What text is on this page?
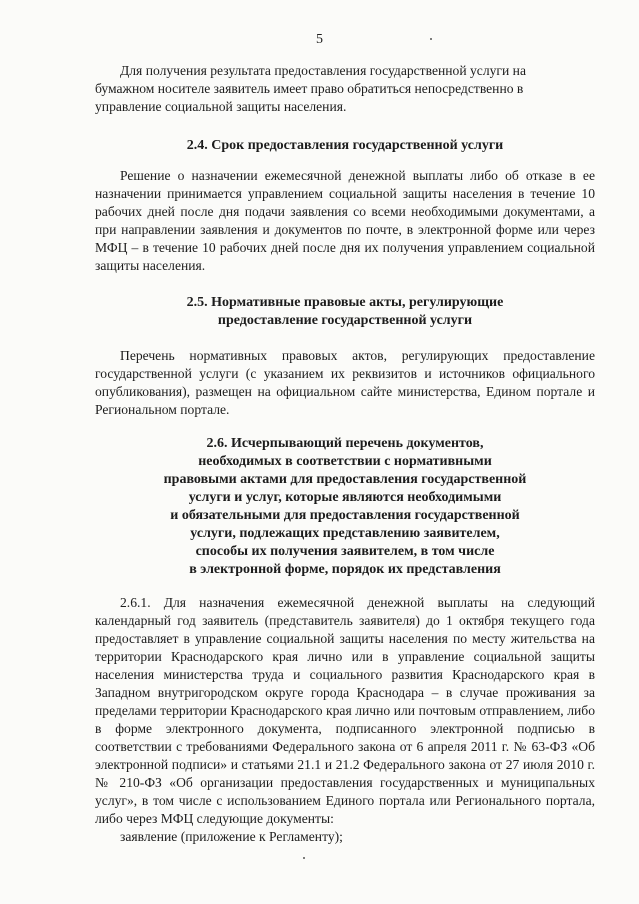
5

Для получения результата предоставления государственной услуги на

бумажном носителе заявитель имеет право обратиться непосредственно в

управление социальной защиты населения.

2.4. Срок предоставления государственной услуги

Решение о назначении ежемесячной денежной выплаты либо об отказе в ее назначении принимается управлением социальной защиты населения в течение 10 рабочих дней после дня подачи заявления со всеми необходимыми документами, а при направлении заявления и документов по почте, в электронной форме или через МФЦ – в течение 10 рабочих дней после дня их получения управлением социальной защиты населения.

2.5. Нормативные правовые акты, регулирующие
предоставление государственной услуги

Перечень нормативных правовых актов, регулирующих предоставление государственной услуги (с указанием их реквизитов и источников официального опубликования), размещен на официальном сайте министерства, Едином портале и Региональном портале.

2.6. Исчерпывающий перечень документов,
необходимых в соответствии с нормативными
правовыми актами для предоставления государственной
услуги и услуг, которые являются необходимыми
и обязательными для предоставления государственной
услуги, подлежащих представлению заявителем,
способы их получения заявителем, в том числе
в электронной форме, порядок их представления

2.6.1. Для назначения ежемесячной денежной выплаты на следующий календарный год заявитель (представитель заявителя) до 1 октября текущего года предоставляет в управление социальной защиты населения по месту жительства на территории Краснодарского края лично или в управление социальной защиты населения министерства труда и социального развития Краснодарского края в Западном внутригородском округе города Краснодара – в случае проживания за пределами территории Краснодарского края лично или почтовым отправлением, либо в форме электронного документа, подписанного электронной подписью в соответствии с требованиями Федерального закона от 6 апреля 2011 г. № 63-ФЗ «Об электронной подписи» и статьями 21.1 и 21.2 Федерального закона от 27 июля 2010 г. № 210-ФЗ «Об организации предоставления государственных и муниципальных услуг», в том числе с использованием Единого портала или Регионального портала, либо через МФЦ следующие документы:

заявление (приложение к Регламенту);
